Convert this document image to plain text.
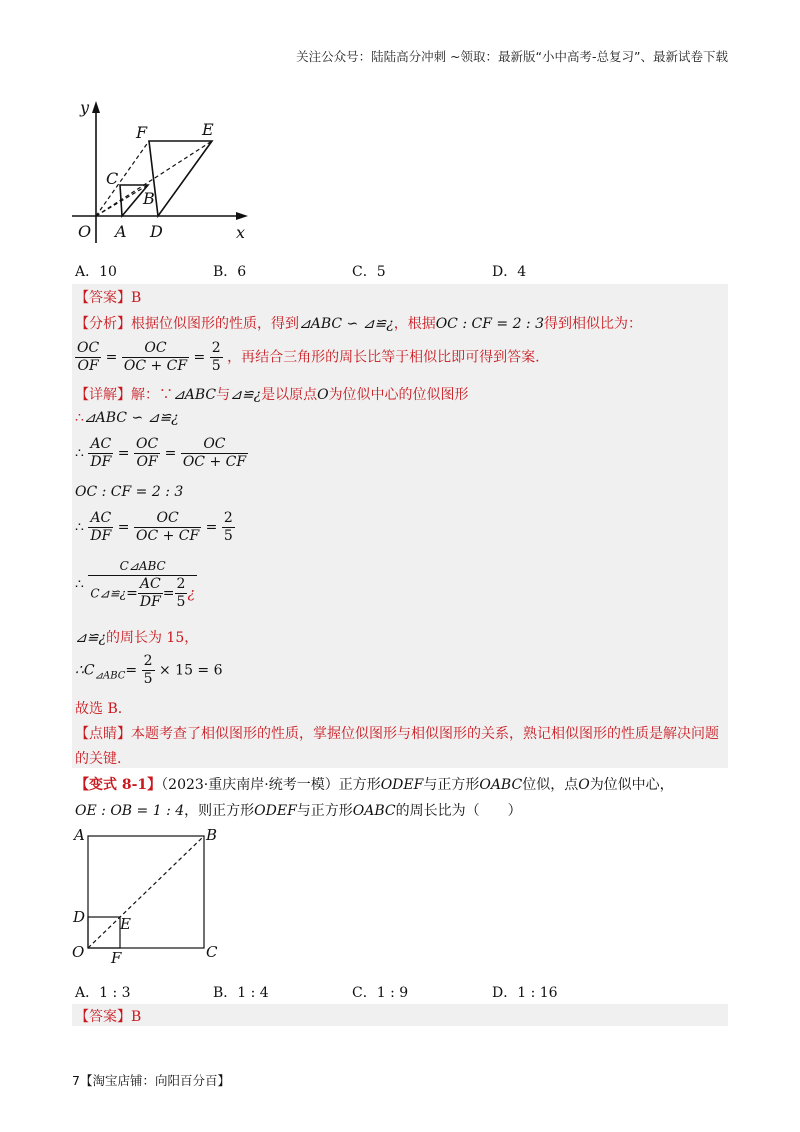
关注公众号：陆陆高分冲刺 ~领取：最新版“小中高考-总复习”、最新试卷下载
y
x
O A D
C
B
F	E
A．10	B．6	C．5	D．4
【答案】B
【分析】根据位似图形的性质，得到⊿ABC ∽ ⊿≌¿，根据OC : CF = 2 : 3得到相似比为：
$\frac{OC}{OF} = \frac{OC}{OC + CF} = \frac{2}{5}$ ，再结合三角形的周长比等于相似比即可得到答案.
【详解】解：∵⊿ABC与⊿≌¿是以原点O为位似中心的位似图形
∴⊿ABC ∽ ⊿≌¿
∴ $\frac{AC}{DF} = \frac{OC}{OF} = \frac{OC}{OC + CF}$
OC : CF = 2 : 3
∴ $\frac{AC}{DF} = \frac{OC}{OC + CF} = \frac{2}{5}$
∴ $\frac{\text{C⊿ABC}}{C⊿≌¿= \frac{AC}{DF} = \frac{2}{5} ¿}$
⊿≌¿的周长为 15，
$\therefore C_{⊿ABC}= \frac{2}{5} \times 15 = 6$
故选 B.
【点睛】本题考查了相似图形的性质，掌握位似图形与相似图形的关系，熟记相似图形的性质是解决问题
的关键.
【变式 8-1】（2023·重庆南岸·统考一模）正方形ODEF与正方形OABC位似，点O为位似中心，
OE : OB = 1 : 4，则正方形ODEF与正方形OABC的周长比为（　　）
A	B
C
D E
F
O
A．1 : 3	B．1 : 4	C．1 : 9	D．1 : 16
【答案】B
7【淘宝店铺：向阳百分百】
